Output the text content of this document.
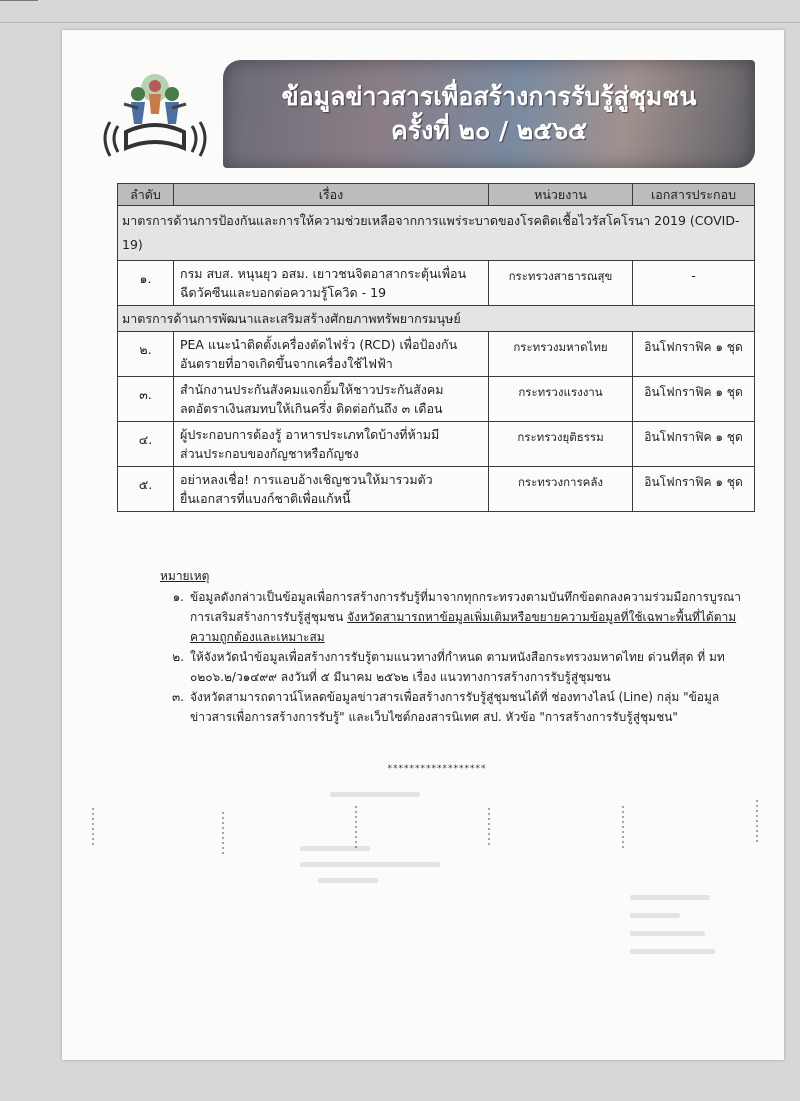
ข้อมูลข่าวสารเพื่อสร้างการรับรู้สู่ชุมชน
ครั้งที่ ๒๐ / ๒๕๖๕
ลำดับ	เรื่อง	หน่วยงาน	เอกสารประกอบ
มาตรการด้านการป้องกันและการให้ความช่วยเหลือจากการแพร่ระบาดของโรคติดเชื้อไวรัสโคโรนา 2019 (COVID-19)			
๑.	กรม สบส. หนุนยุว อสม. เยาวชนจิตอาสากระตุ้นเพื่อน
ฉีดวัคซีนและบอกต่อความรู้โควิด - 19	กระทรวงสาธารณสุข	-
มาตรการด้านการพัฒนาและเสริมสร้างศักยภาพทรัพยากรมนุษย์			
๒.	PEA แนะนำติดตั้งเครื่องตัดไฟรั่ว (RCD) เพื่อป้องกัน
อันตรายที่อาจเกิดขึ้นจากเครื่องใช้ไฟฟ้า	กระทรวงมหาดไทย	อินโฟกราฟิค ๑ ชุด
๓.	สำนักงานประกันสังคมแจกยิ้มให้ชาวประกันสังคม
ลดอัตราเงินสมทบให้เกินครึ่ง ติดต่อกันถึง ๓ เดือน	กระทรวงแรงงาน	อินโฟกราฟิค ๑ ชุด
๔.	ผู้ประกอบการต้องรู้ อาหารประเภทใดบ้างที่ห้ามมี
ส่วนประกอบของกัญชาหรือกัญชง	กระทรวงยุติธรรม	อินโฟกราฟิค ๑ ชุด
๕.	อย่าหลงเชื่อ! การแอบอ้างเชิญชวนให้มารวมตัว
ยื่นเอกสารที่แบงก์ชาติเพื่อแก้หนี้	กระทรวงการคลัง	อินโฟกราฟิค ๑ ชุด
หมายเหตุ
๑. ข้อมูลดังกล่าวเป็นข้อมูลเพื่อการสร้างการรับรู้ที่มาจากทุกกระทรวงตามบันทึกข้อตกลงความร่วมมือการบูรณาการเสริมสร้างการรับรู้สู่ชุมชน จังหวัดสามารถหาข้อมูลเพิ่มเติมหรือขยายความข้อมูลที่ใช้เฉพาะพื้นที่ได้ตามความถูกต้องและเหมาะสม
๒. ให้จังหวัดนำข้อมูลเพื่อสร้างการรับรู้ตามแนวทางที่กำหนด ตามหนังสือกระทรวงมหาดไทย ด่วนที่สุด ที่ มท ๐๒๐๖.๒/ว๑๔๙๙ ลงวันที่ ๕ มีนาคม ๒๕๖๒ เรื่อง แนวทางการสร้างการรับรู้สู่ชุมชน
๓. จังหวัดสามารถดาวน์โหลดข้อมูลข่าวสารเพื่อสร้างการรับรู้สู่ชุมชนได้ที่ ช่องทางไลน์ (Line) กลุ่ม "ข้อมูลข่าวสารเพื่อการสร้างการรับรู้" และเว็บไซต์กองสารนิเทศ สป. หัวข้อ "การสร้างการรับรู้สู่ชุมชน"
******************
